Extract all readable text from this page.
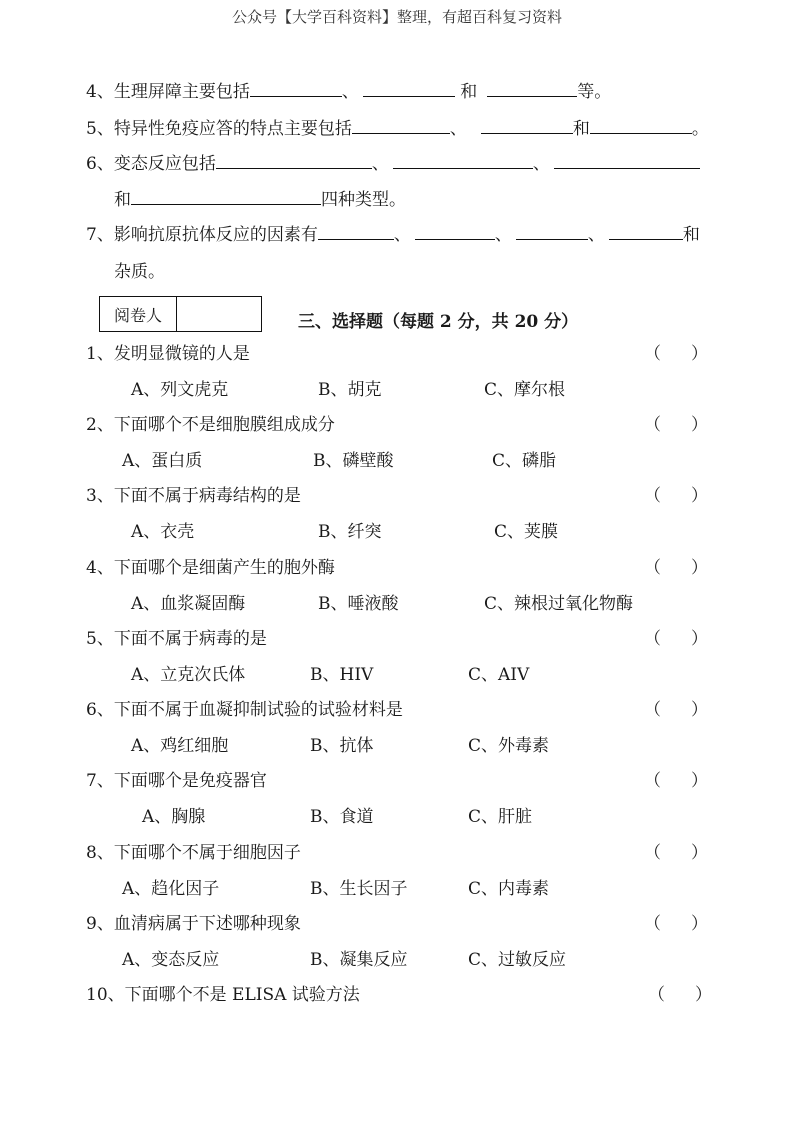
公众号【大学百科资料】整理，有超百科复习资料
4、生理屏障主要包括	、	和	等。
5、特异性免疫应答的特点主要包括	、	和	。
6、变态反应包括	、	、
和	四种类型。
7、影响抗原抗体反应的因素有	、	、	、	和
杂质。
阅卷人	三、选择题（每题 2 分，共 20 分）
1、发明显微镜的人是	（ ）
A、列文虎克	B、胡克	C、摩尔根
2、下面哪个不是细胞膜组成成分	（ ）
A、蛋白质	B、磷壁酸	C、磷脂
3、下面不属于病毒结构的是	（ ）
A、衣壳	B、纤突	C、荚膜
4、下面哪个是细菌产生的胞外酶	（ ）
A、血浆凝固酶	B、唾液酸	C、辣根过氧化物酶
5、下面不属于病毒的是	（ ）
A、立克次氏体	B、HIV	C、AIV
6、下面不属于血凝抑制试验的试验材料是	（ ）
A、鸡红细胞	B、抗体	C、外毒素
7、下面哪个是免疫器官	（ ）
A、胸腺	B、食道	C、肝脏
8、下面哪个不属于细胞因子	（ ）
A、趋化因子	B、生长因子	C、内毒素
9、血清病属于下述哪种现象	（ ）
A、变态反应	B、凝集反应	C、过敏反应
10、下面哪个不是 ELISA 试验方法	（ ）
